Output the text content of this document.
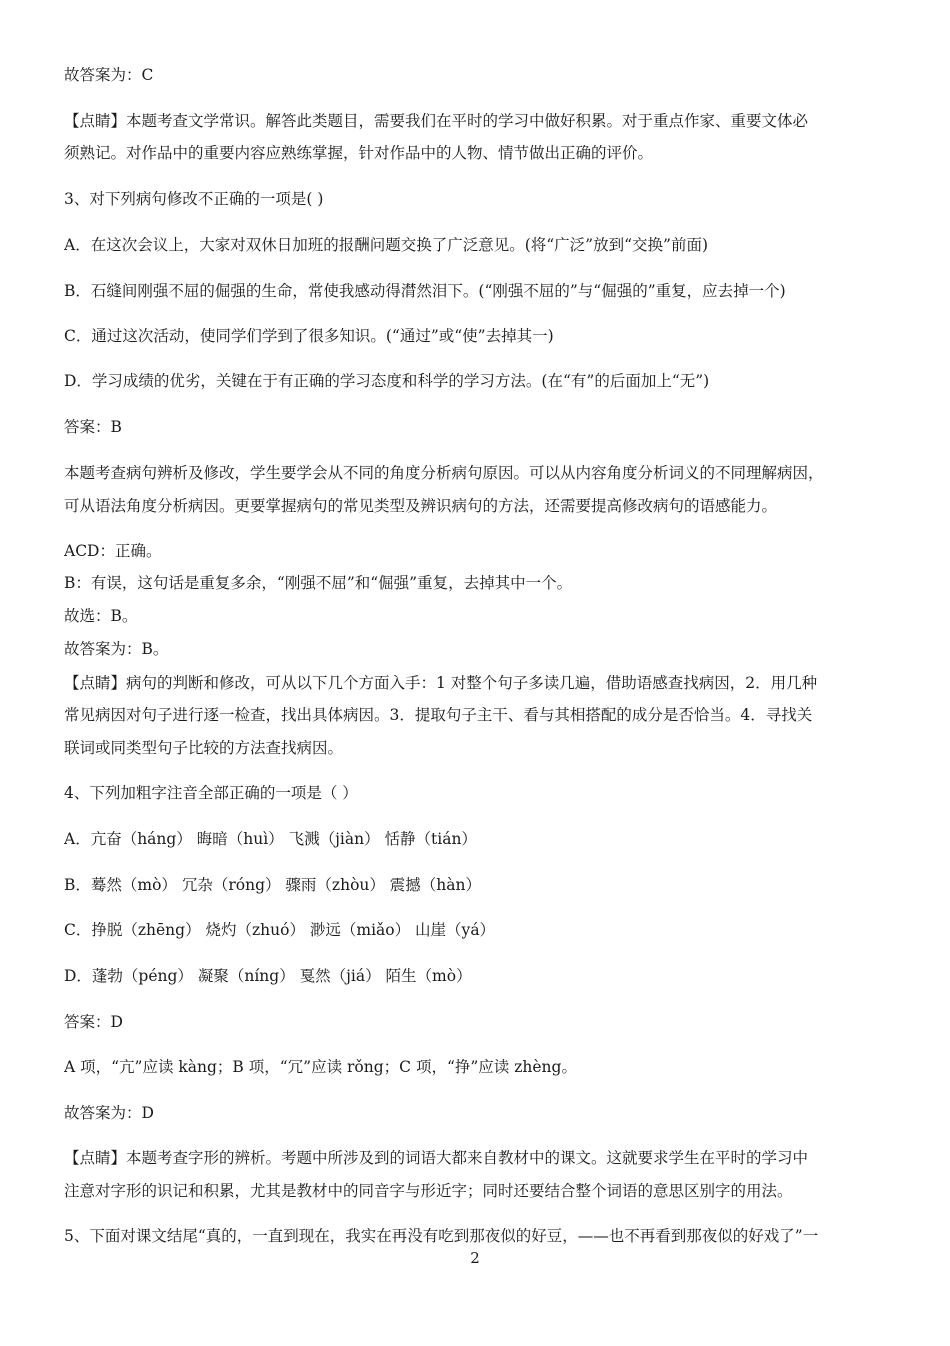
故答案为：C
【点睛】本题考查文学常识。解答此类题目，需要我们在平时的学习中做好积累。对于重点作家、重要文体必
须熟记。对作品中的重要内容应熟练掌握，针对作品中的人物、情节做出正确的评价。
3、对下列病句修改不正确的一项是( )
A．在这次会议上，大家对双休日加班的报酬问题交换了广泛意见。(将“广泛”放到“交换”前面)
B．石缝间刚强不屈的倔强的生命，常使我感动得潸然泪下。(“刚强不屈的”与“倔强的”重复，应去掉一个)
C．通过这次活动，使同学们学到了很多知识。(“通过”或“使”去掉其一)
D．学习成绩的优劣，关键在于有正确的学习态度和科学的学习方法。(在“有”的后面加上“无”)
答案：B
本题考查病句辨析及修改，学生要学会从不同的角度分析病句原因。可以从内容角度分析词义的不同理解病因，
可从语法角度分析病因。更要掌握病句的常见类型及辨识病句的方法，还需要提高修改病句的语感能力。
ACD：正确。
B：有误，这句话是重复多余，“刚强不屈”和“倔强”重复，去掉其中一个。
故选：B。
故答案为：B。
【点睛】病句的判断和修改，可从以下几个方面入手：1 对整个句子多读几遍，借助语感查找病因，2．用几种
常见病因对句子进行逐一检查，找出具体病因。3．提取句子主干、看与其相搭配的成分是否恰当。4．寻找关
联词或同类型句子比较的方法查找病因。
4、下列加粗字注音全部正确的一项是（ ）
A．亢奋（háng） 晦暗（huì） 飞溅（jiàn） 恬静（tián）
B．蓦然（mò） 冗杂（róng） 骤雨（zhòu） 震撼（hàn）
C．挣脱（zhēng） 烧灼（zhuó） 渺远（miǎo） 山崖（yá）
D．蓬勃（péng） 凝聚（níng） 戛然（jiá） 陌生（mò）
答案：D
A 项，“亢”应读 kàng；B 项，“冗”应读 rǒng；C 项，“挣”应读 zhèng。
故答案为：D
【点睛】本题考查字形的辨析。考题中所涉及到的词语大都来自教材中的课文。这就要求学生在平时的学习中
注意对字形的识记和积累，尤其是教材中的同音字与形近字；同时还要结合整个词语的意思区别字的用法。
5、下面对课文结尾“真的，一直到现在，我实在再没有吃到那夜似的好豆，——也不再看到那夜似的好戏了”一
2
